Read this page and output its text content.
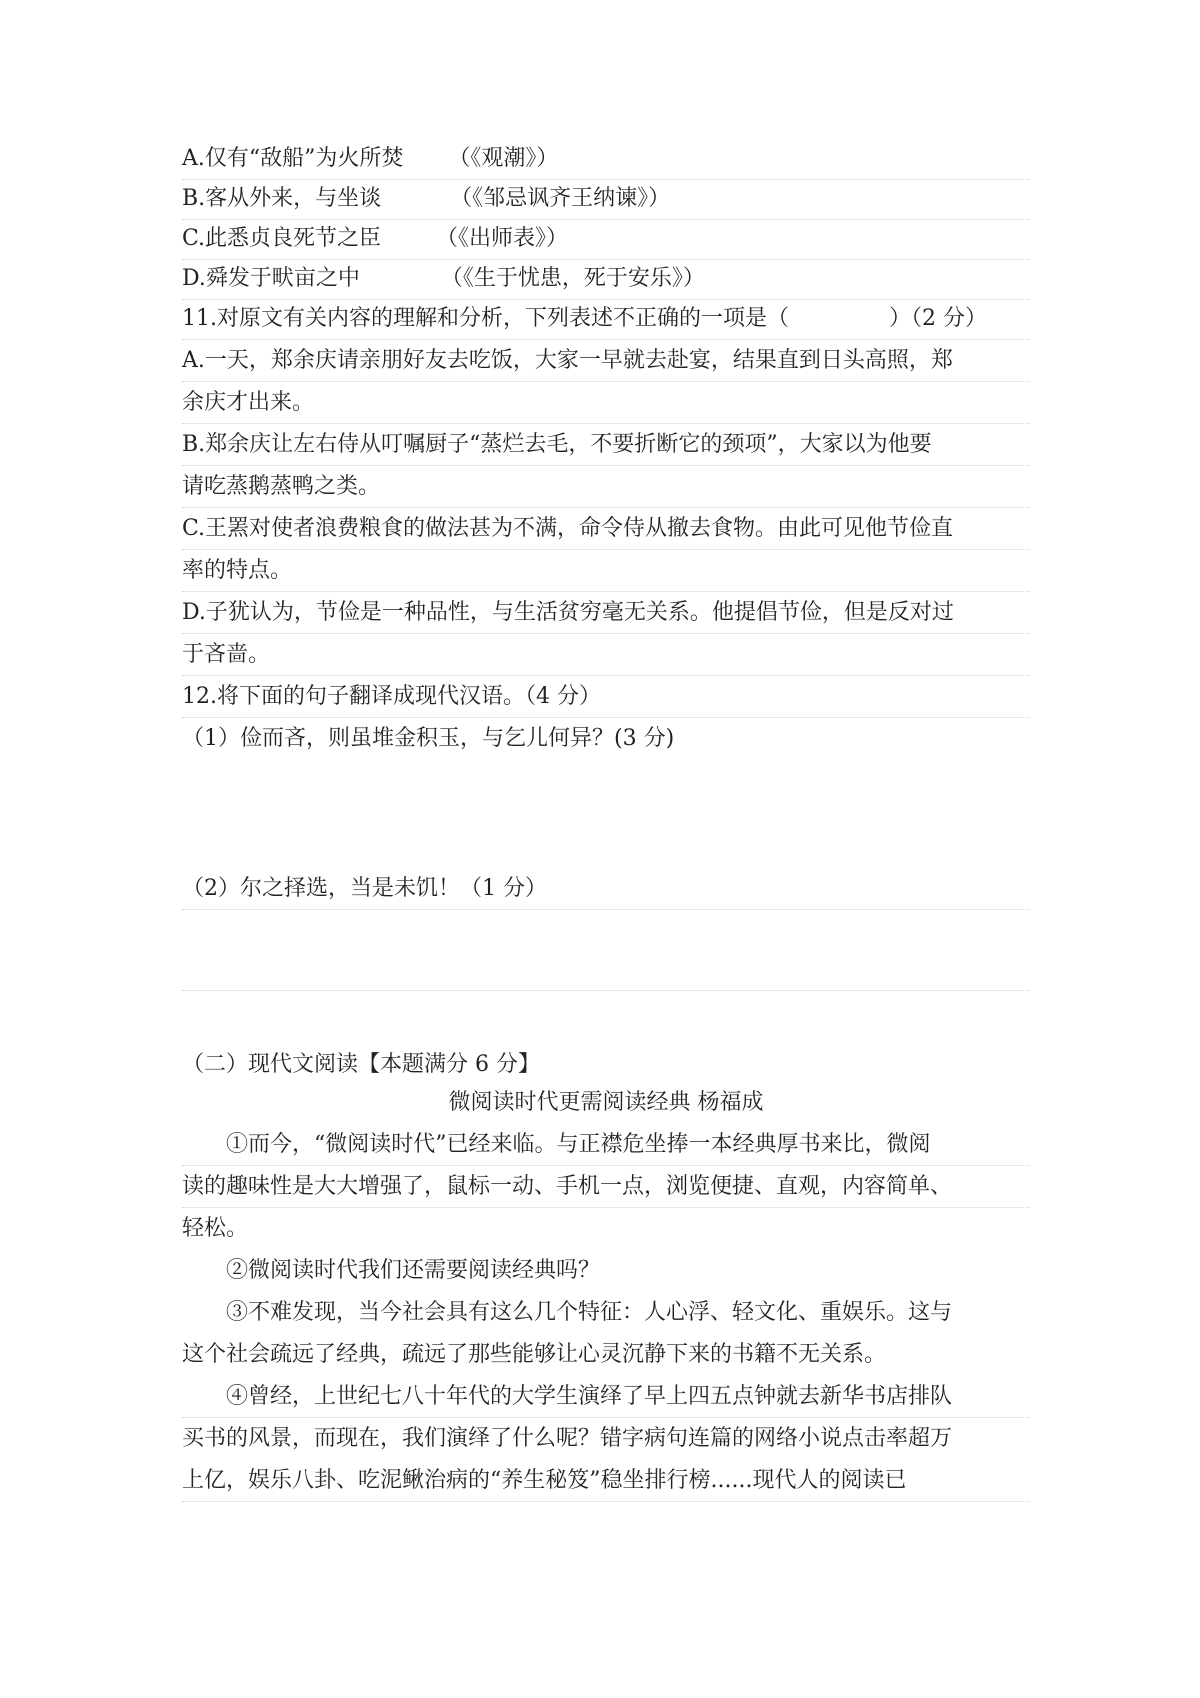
A.仅有“敌船”为火所焚 （《观潮》）
B.客从外来，与坐谈	（《邹忌讽齐王纳谏》）
C.此悉贞良死节之臣	（《出师表》）
D.舜发于畎亩之中	（《生于忧患，死于安乐》）
11.对原文有关内容的理解和分析，下列表述不正确的一项是（	）（2 分）
A.一天，郑余庆请亲朋好友去吃饭，大家一早就去赴宴，结果直到日头高照，郑
余庆才出来。
B.郑余庆让左右侍从叮嘱厨子“蒸烂去毛，不要折断它的颈项”，大家以为他要
请吃蒸鹅蒸鸭之类。
C.王罴对使者浪费粮食的做法甚为不满，命令侍从撤去食物。由此可见他节俭直
率的特点。
D.子犹认为，节俭是一种品性，与生活贫穷毫无关系。他提倡节俭，但是反对过
于吝啬。
12.将下面的句子翻译成现代汉语。（4 分）
（1）俭而吝，则虽堆金积玉，与乞儿何异？(3 分)
（2）尔之择选，当是未饥！（1 分）
（二）现代文阅读【本题满分 6 分】
微阅读时代更需阅读经典 杨福成
①而今，“微阅读时代”已经来临。与正襟危坐捧一本经典厚书来比，微阅
读的趣味性是大大增强了，鼠标一动、手机一点，浏览便捷、直观，内容简单、
轻松。
②微阅读时代我们还需要阅读经典吗？
③不难发现，当今社会具有这么几个特征：人心浮、轻文化、重娱乐。这与
这个社会疏远了经典，疏远了那些能够让心灵沉静下来的书籍不无关系。
④曾经，上世纪七八十年代的大学生演绎了早上四五点钟就去新华书店排队
买书的风景，而现在，我们演绎了什么呢？错字病句连篇的网络小说点击率超万
上亿，娱乐八卦、吃泥鳅治病的“养生秘笈”稳坐排行榜......现代人的阅读已
